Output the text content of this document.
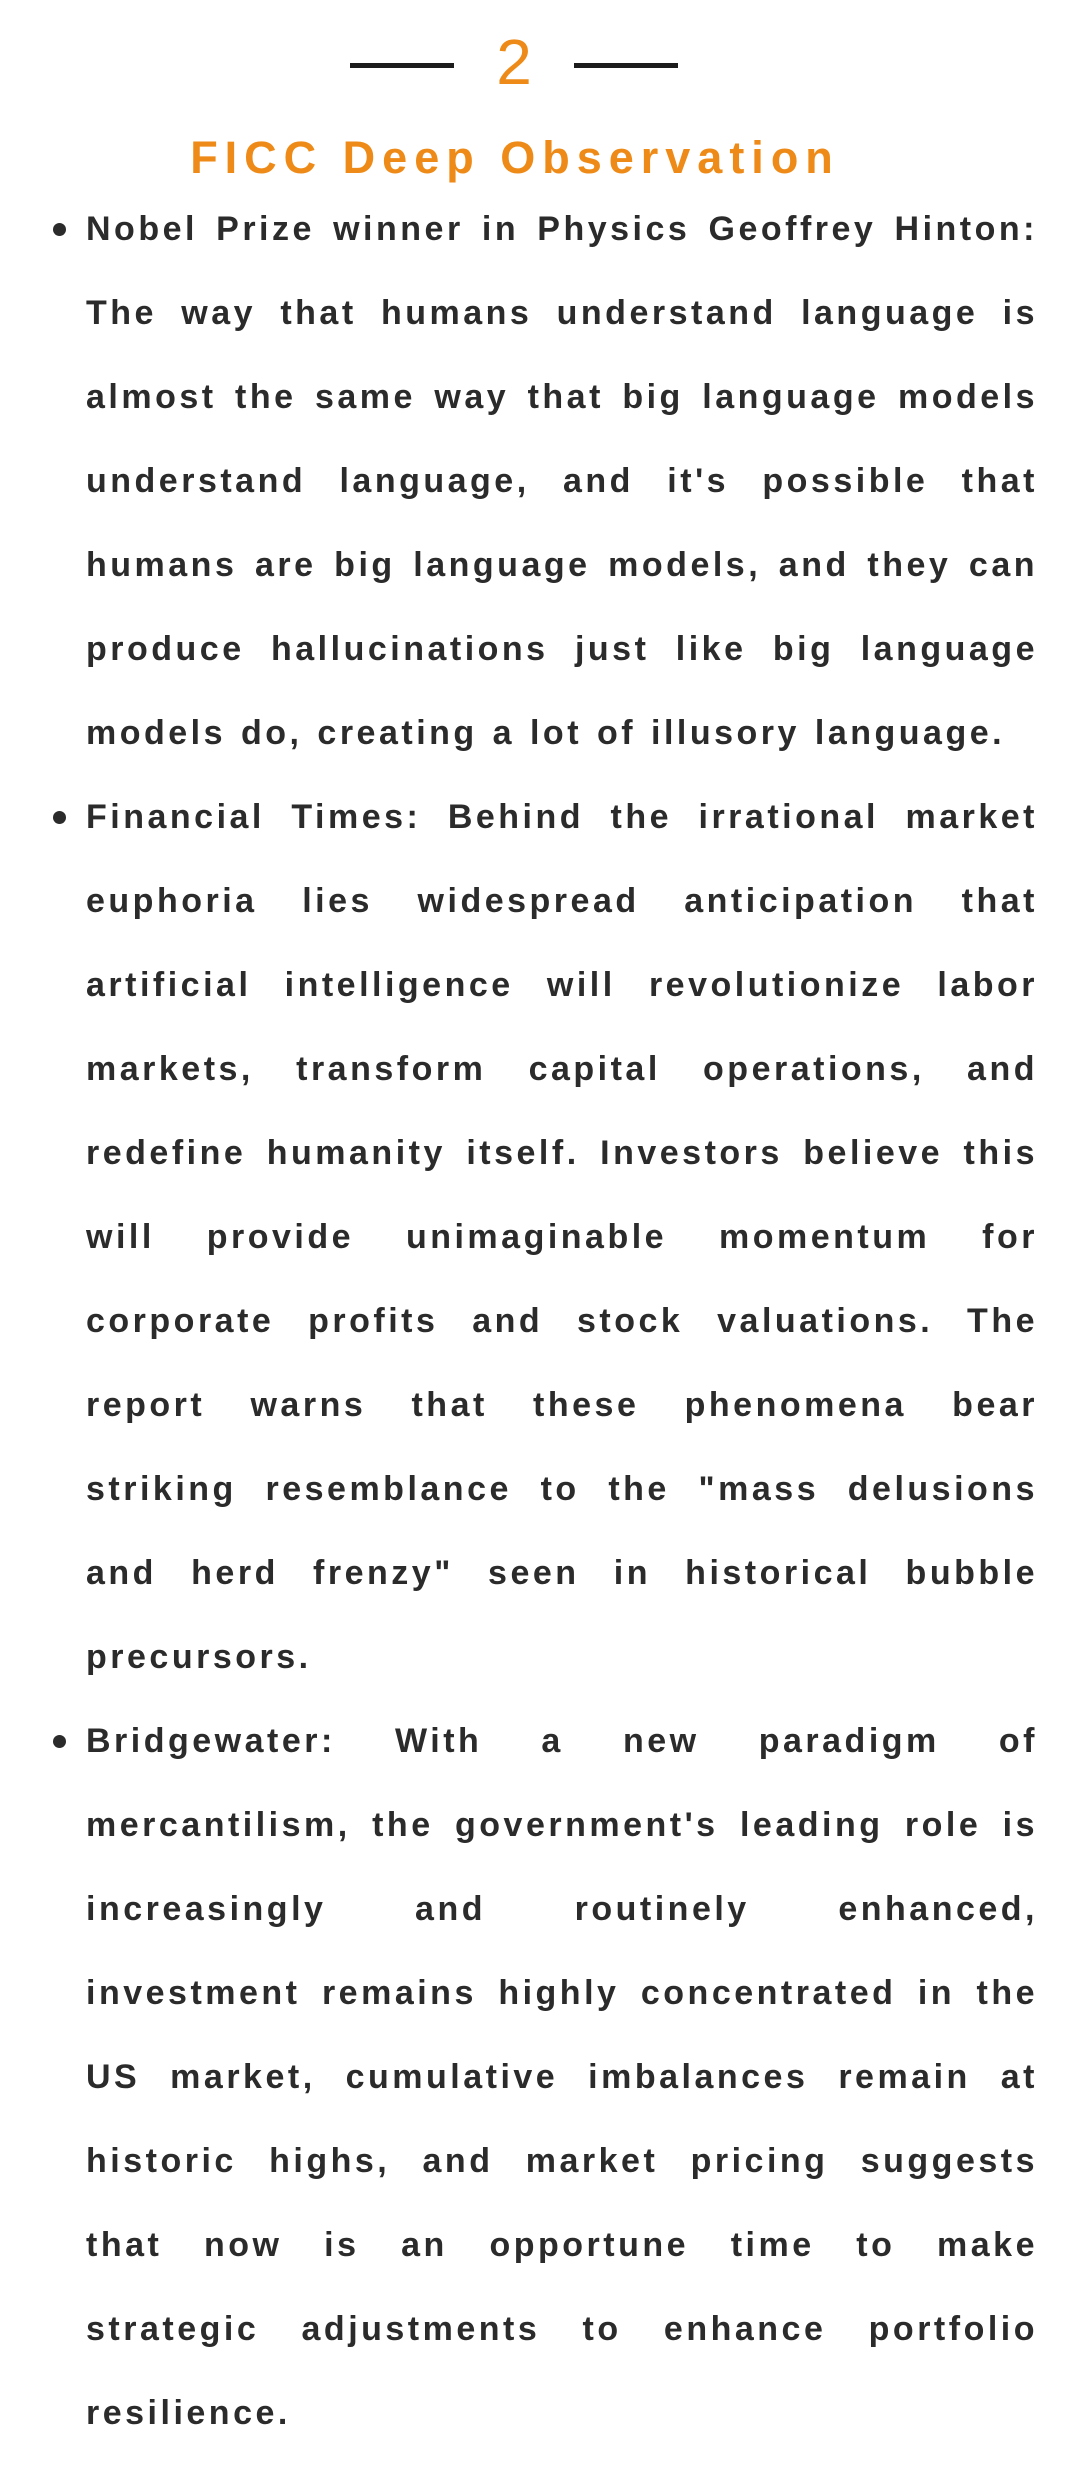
2
FICC Deep Observation
Nobel Prize winner in Physics Geoffrey Hinton: The way that humans understand language is almost the same way that big language models understand language, and it's possible that humans are big language models, and they can produce hallucinations just like big language models do, creating a lot of illusory language.
Financial Times: Behind the irrational market euphoria lies widespread anticipation that artificial intelligence will revolutionize labor markets, transform capital operations, and redefine humanity itself. Investors believe this will provide unimaginable momentum for corporate profits and stock valuations. The report warns that these phenomena bear striking resemblance to the "mass delusions and herd frenzy" seen in historical bubble precursors.
Bridgewater: With a new paradigm of mercantilism, the government's leading role is increasingly and routinely enhanced, investment remains highly concentrated in the US market, cumulative imbalances remain at historic highs, and market pricing suggests that now is an opportune time to make strategic adjustments to enhance portfolio resilience.
